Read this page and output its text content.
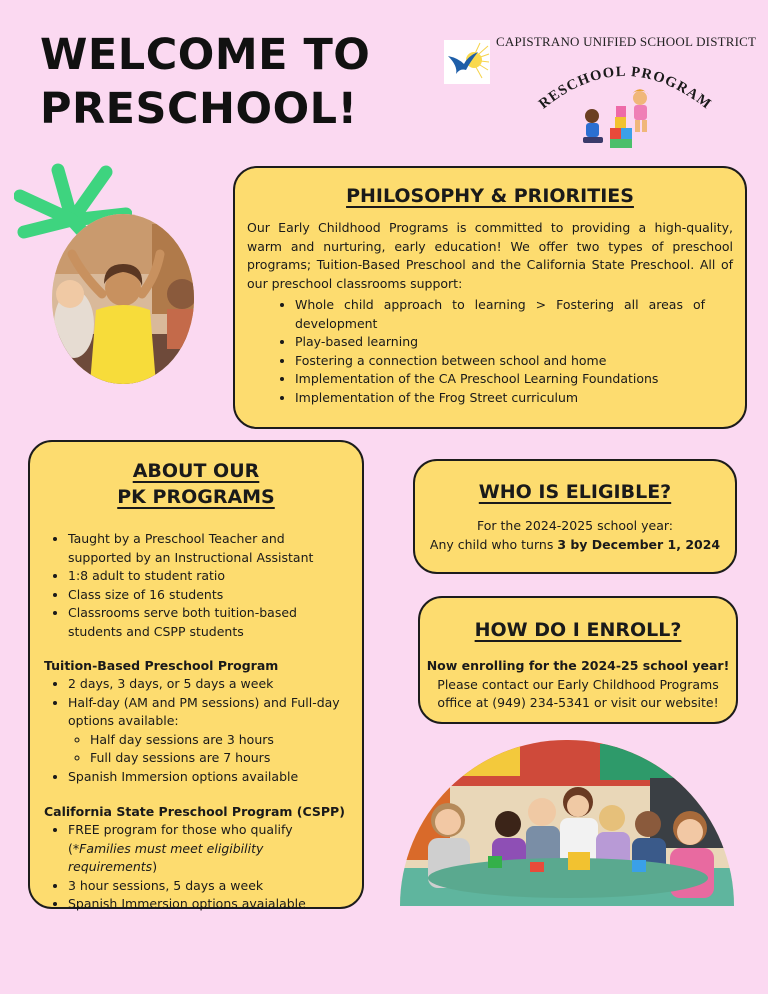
WELCOME TO
PRESCHOOL!
CAPISTRANO UNIFIED SCHOOL DISTRICT
RESCHOOL PROGRAM
PHILOSOPHY & PRIORITIES

Our Early Childhood Programs is committed to providing a high-quality, warm and nurturing, early education! We offer two types of preschool programs; Tuition-Based Preschool and the California State Preschool. All of our preschool classrooms support:

• Whole child approach to learning > Fostering all areas of development
• Play-based learning
• Fostering a connection between school and home
• Implementation of the CA Preschool Learning Foundations
• Implementation of the Frog Street curriculum
ABOUT OUR
PK PROGRAMS
• Taught by a Preschool Teacher and supported by an Instructional Assistant
• 1:8 adult to student ratio
• Class size of 16 students
• Classrooms serve both tuition-based students and CSPP students

Tuition-Based Preschool Program

• 2 days, 3 days, or 5 days a week
• Half-day (AM and PM sessions) and Full-day options available:
◦ Half day sessions are 3 hours
◦ Full day sessions are 7 hours
• Spanish Immersion options available

California State Preschool Program (CSPP)

• FREE program for those who qualify (*Families must meet eligibility requirements)
• 3 hour sessions, 5 days a week
• Spanish Immersion options avaialable
WHO IS ELIGIBLE?

For the 2024-2025 school year:

Any child who turns 3 by December 1, 2024

HOW DO I ENROLL?

Now enrolling for the 2024-25 school year!

Please contact our Early Childhood Programs

office at (949) 234-5341 or visit our website!
